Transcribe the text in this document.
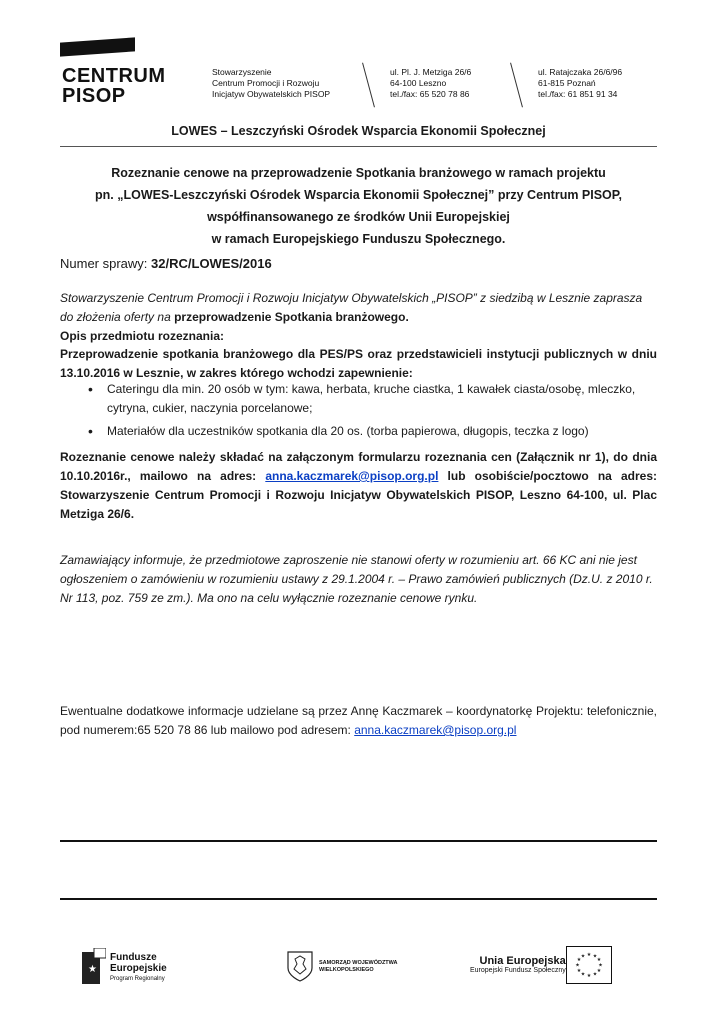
CENTRUM
PISOP
Stowarzyszenie
Centrum Promocji i Rozwoju
Inicjatyw Obywatelskich PISOP
ul. Pl. J. Metziga 26/6
64-100 Leszno
tel./fax: 65 520 78 86
ul. Ratajczaka 26/6/96
61-815 Poznań
tel./fax: 61 851 91 34
LOWES – Leszczyński Ośrodek Wsparcia Ekonomii Społecznej
Rozeznanie cenowe na przeprowadzenie Spotkania branżowego w ramach projektu
pn. „LOWES-Leszczyński Ośrodek Wsparcia Ekonomii Społecznej” przy Centrum PISOP,
współfinansowanego ze środków Unii Europejskiej
w ramach Europejskiego Funduszu Społecznego.
Numer sprawy: 32/RC/LOWES/2016
Stowarzyszenie Centrum Promocji i Rozwoju Inicjatyw Obywatelskich „PISOP” z siedzibą w Lesznie zaprasza do złożenia oferty na przeprowadzenie Spotkania branżowego.
Opis przedmiotu rozeznania:
Przeprowadzenie spotkania branżowego dla PES/PS oraz przedstawicieli instytucji publicznych w dniu 13.10.2016 w Lesznie, w zakres którego wchodzi zapewnienie:
• Cateringu dla min. 20 osób w tym: kawa, herbata, kruche ciastka, 1 kawałek ciasta/osobę, mleczko, cytryna, cukier, naczynia porcelanowe;
• Materiałów dla uczestników spotkania dla 20 os. (torba papierowa, długopis, teczka z logo)
Rozeznanie cenowe należy składać na załączonym formularzu rozeznania cen (Załącznik nr 1), do dnia 10.10.2016r., mailowo na adres: anna.kaczmarek@pisop.org.pl lub osobiście/pocztowo na adres: Stowarzyszenie Centrum Promocji i Rozwoju Inicjatyw Obywatelskich PISOP, Leszno 64-100, ul. Plac Metziga 26/6.
Zamawiający informuje, że przedmiotowe zaproszenie nie stanowi oferty w rozumieniu art. 66 KC ani nie jest ogłoszeniem o zamówieniu w rozumieniu ustawy z 29.1.2004 r. – Prawo zamówień publicznych (Dz.U. z 2010 r. Nr 113, poz. 759 ze zm.). Ma ono na celu wyłącznie rozeznanie cenowe rynku.
Ewentualne dodatkowe informacje udzielane są przez Annę Kaczmarek – koordynatorkę Projektu: telefonicznie, pod numerem:65 520 78 86 lub mailowo pod adresem: anna.kaczmarek@pisop.org.pl
★
Fundusze
Europejskie
Program Regionalny
SAMORZĄD WOJEWÓDZTWA
WIELKOPOLSKIEGO
Unia Europejska
Europejski Fundusz Społeczny
★ ★
★
★
★
★
★
★
★
★
★
★
